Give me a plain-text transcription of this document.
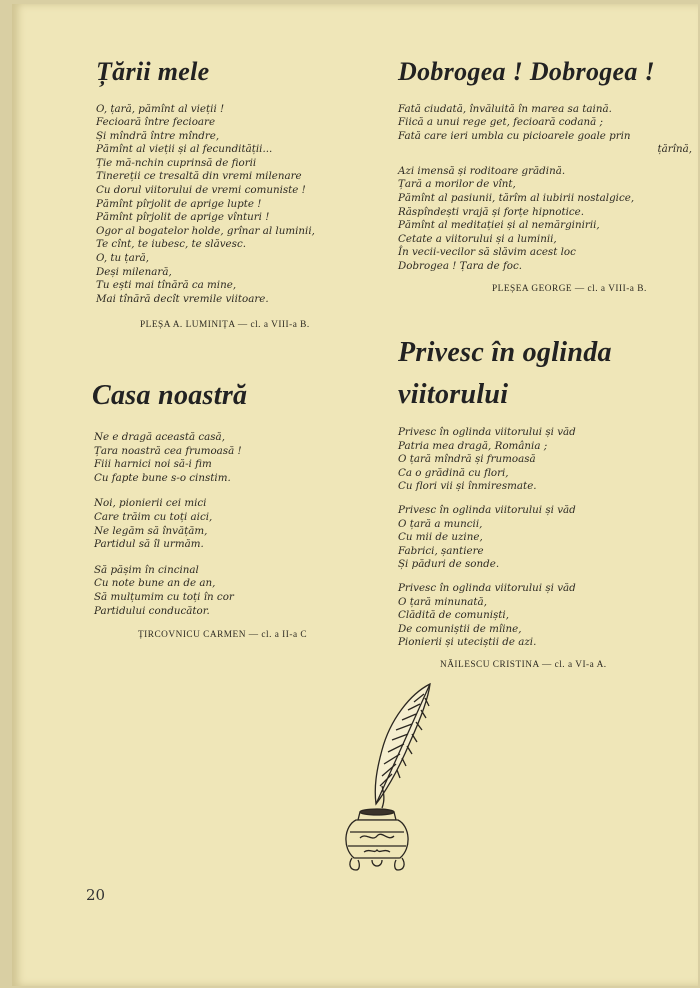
Țării mele
O, țară, pămînt al vieții !
Fecioară între fecioare
Și mîndră între mîndre,
Pămînt al vieții și al fecundității...
Ție mă-nchin cuprinsă de fiorii
Tinereții ce tresaltă din vremi milenare
Cu dorul viitorului de vremi comuniste !
Pămînt pîrjolit de aprige lupte !
Pămînt pîrjolit de aprige vînturi !
Ogor al bogatelor holde, grînar al luminii,
Te cînt, te iubesc, te slăvesc.
O, tu țară,
Deși milenară,
Tu ești mai tînără ca mine,
Mai tînără decît vremile viitoare.
PLEȘA A. LUMINIȚA — cl. a VIII-a B.
Casa noastră
Ne e dragă această casă,
Țara noastră cea frumoasă !
Fiii harnici noi să-i fim
Cu fapte bune s-o cinstim.
Noi, pionierii cei mici
Care trăim cu toți aici,
Ne legăm să învățăm,
Partidul să îl urmăm.
Să pășim în cincinal
Cu note bune an de an,
Să mulțumim cu toți în cor
Partidului conducător.
ȚIRCOVNICU CARMEN — cl. a II-a C
Dobrogea ! Dobrogea !
Fată ciudată, învăluită în marea sa taină.
Fiică a unui rege get, fecioară codană ;
Fată care ieri umbla cu picioarele goale prin
țărînă,
Azi imensă și roditoare grădină.
Țară a morilor de vînt,
Pămînt al pasiunii, tărîm al iubirii nostalgice,
Răspîndești vrajă și forțe hipnotice.
Pămînt al meditației și al nemărginirii,
Cetate a viitorului și a luminii,
În vecii-vecilor să slăvim acest loc
Dobrogea ! Țara de foc.
PLEȘEA GEORGE — cl. a VIII-a B.
Privesc în oglinda
viitorului
Privesc în oglinda viitorului și văd
Patria mea dragă, România ;
O țară mîndră și frumoasă
Ca o grădină cu flori,
Cu flori vii și înmiresmate.
Privesc în oglinda viitorului și văd
O țară a muncii,
Cu mii de uzine,
Fabrici, șantiere
Și păduri de sonde.
Privesc în oglinda viitorului și văd
O țară minunată,
Clădită de comuniști,
De comuniștii de mîine,
Pionierii și uteciștii de azi.
NĂILESCU CRISTINA — cl. a VI-a A.
20
